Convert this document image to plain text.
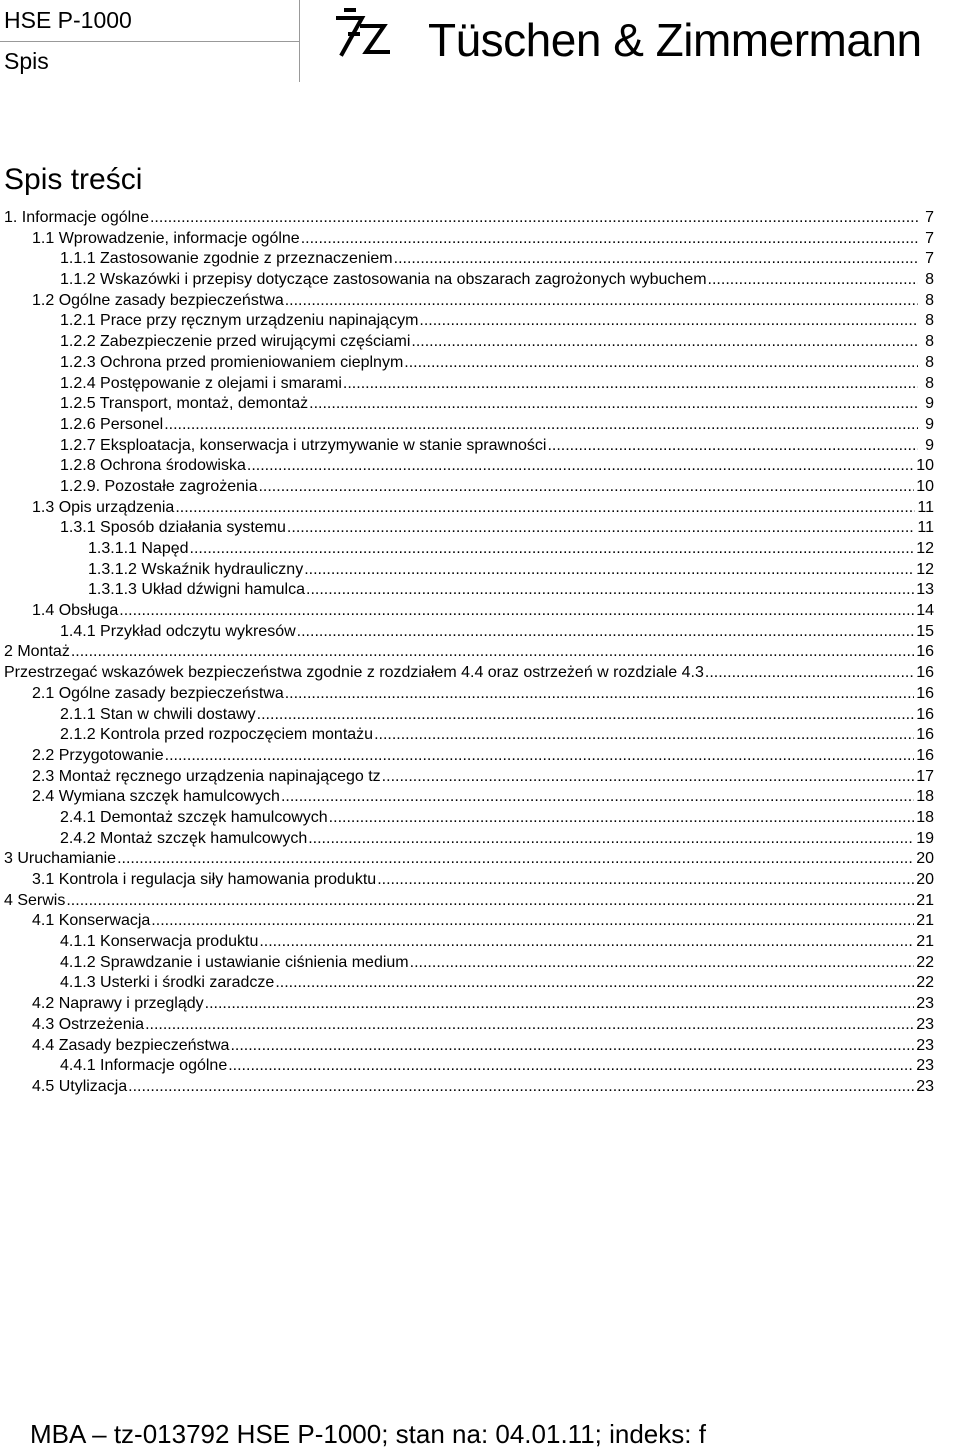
HSE P-1000
Spis	Tüschen & Zimmermann
Spis treści
1. Informacje ogólne .....	7
1.1 Wprowadzenie, informacje ogólne .....	7
1.1.1 Zastosowanie zgodnie z przeznaczeniem .....	7
1.1.2 Wskazówki i przepisy dotyczące zastosowania na obszarach zagrożonych wybuchem .....	8
1.2 Ogólne zasady bezpieczeństwa .....	8
1.2.1 Prace przy ręcznym urządzeniu napinającym .....	8
1.2.2 Zabezpieczenie przed wirującymi częściami .....	8
1.2.3 Ochrona przed promieniowaniem cieplnym .....	8
1.2.4 Postępowanie z olejami i smarami .....	8
1.2.5 Transport, montaż, demontaż .....	9
1.2.6 Personel .....	9
1.2.7 Eksploatacja, konserwacja i utrzymywanie w stanie sprawności .....	9
1.2.8 Ochrona środowiska .....	10
1.2.9. Pozostałe zagrożenia .....	10
1.3 Opis urządzenia .....	11
1.3.1 Sposób działania systemu .....	11
1.3.1.1 Napęd .....	12
1.3.1.2 Wskaźnik hydrauliczny .....	12
1.3.1.3 Układ dźwigni hamulca .....	13
1.4 Obsługa .....	14
1.4.1 Przykład odczytu wykresów .....	15
2 Montaż .....	16
Przestrzegać wskazówek bezpieczeństwa zgodnie z rozdziałem 4.4 oraz ostrzeżeń w rozdziale 4.3 .....	16
2.1 Ogólne zasady bezpieczeństwa .....	16
2.1.1 Stan w chwili dostawy .....	16
2.1.2 Kontrola przed rozpoczęciem montażu .....	16
2.2 Przygotowanie .....	16
2.3 Montaż ręcznego urządzenia napinającego tz .....	17
2.4 Wymiana szczęk hamulcowych .....	18
2.4.1 Demontaż szczęk hamulcowych .....	18
2.4.2 Montaż szczęk hamulcowych .....	19
3 Uruchamianie .....	20
3.1 Kontrola i regulacja siły hamowania produktu .....	20
4 Serwis .....	21
4.1 Konserwacja .....	21
4.1.1 Konserwacja produktu .....	21
4.1.2 Sprawdzanie i ustawianie ciśnienia medium .....	22
4.1.3 Usterki i środki zaradcze .....	22
4.2 Naprawy i przeglądy .....	23
4.3 Ostrzeżenia .....	23
4.4 Zasady bezpieczeństwa .....	23
4.4.1 Informacje ogólne .....	23
4.5 Utylizacja .....	23
MBA – tz-013792 HSE P-1000; stan na: 04.01.11; indeks: f
